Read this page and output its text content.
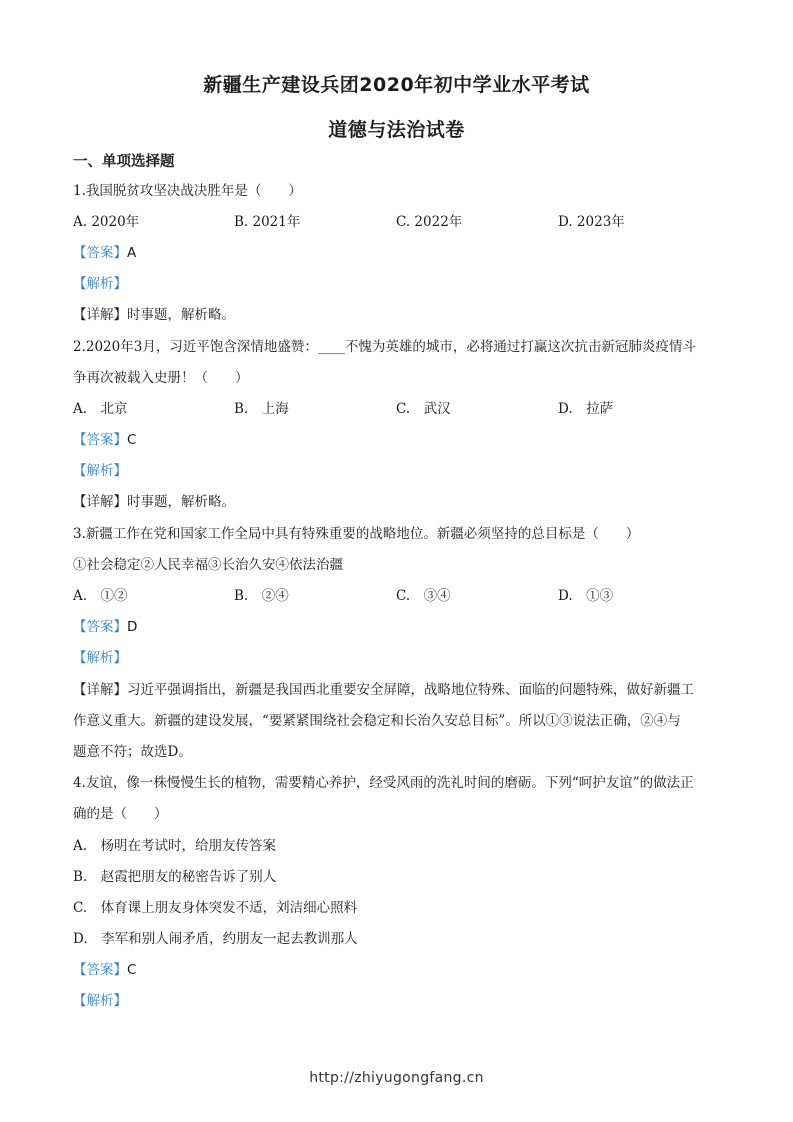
新疆生产建设兵团2020年初中学业水平考试
道德与法治试卷
一、单项选择题
1.我国脱贫攻坚决战决胜年是（　　）
A. 2020年	B. 2021年	C. 2022年	D. 2023年
【答案】A
【解析】
【详解】时事题，解析略。
2.2020年3月，习近平饱含深情地盛赞：____不愧为英雄的城市，必将通过打赢这次抗击新冠肺炎疫情斗
争再次被载入史册！（　　）
A.　北京	B.　上海	C.　武汉	D.　拉萨
【答案】C
【解析】
【详解】时事题，解析略。
3.新疆工作在党和国家工作全局中具有特殊重要的战略地位。新疆必须坚持的总目标是（　　）
①社会稳定②人民幸福③长治久安④依法治疆
A.　①②	B.　②④	C.　③④	D.　①③
【答案】D
【解析】
【详解】习近平强调指出，新疆是我国西北重要安全屏障，战略地位特殊、面临的问题特殊，做好新疆工
作意义重大。新疆的建设发展，“要紧紧围绕社会稳定和长治久安总目标”。所以①③说法正确，②④与
题意不符；故选D。
4.友谊，像一株慢慢生长的植物，需要精心养护，经受风雨的洗礼时间的磨砺。下列“呵护友谊”的做法正
确的是（　　）
A.　杨明在考试时，给朋友传答案
B.　赵霞把朋友的秘密告诉了别人
C.　体育课上朋友身体突发不适，刘洁细心照料
D.　李军和别人闹矛盾，约朋友一起去教训那人
【答案】C
【解析】
http://zhiyugongfang.cn
